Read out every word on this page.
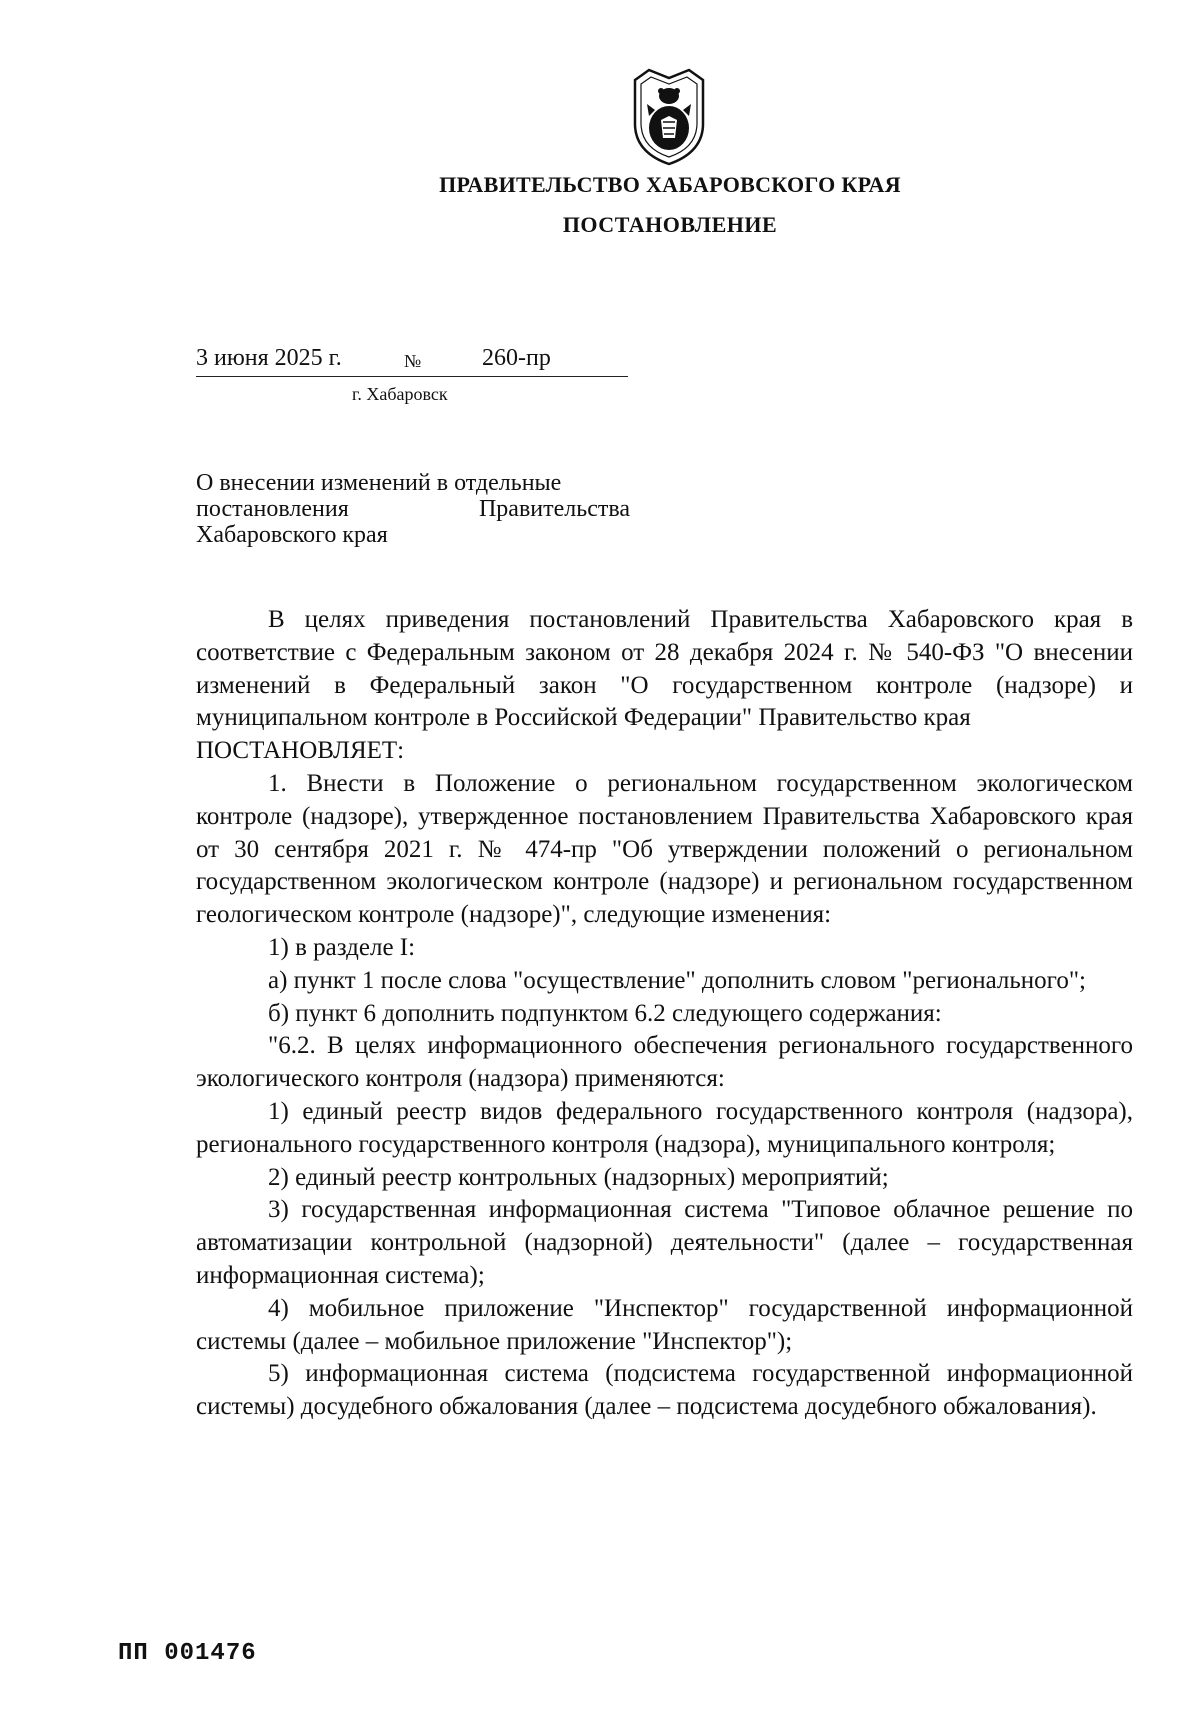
ПРАВИТЕЛЬСТВО ХАБАРОВСКОГО КРАЯ
ПОСТАНОВЛЕНИЕ
3 июня 2025 г.	№	260-пр
г. Хабаровск
О внесении изменений в отдельные
постановления	Правительства
Хабаровского края

В целях приведения постановлений Правительства Хабаровского края в соответствие с Федеральным законом от 28 декабря 2024 г. № 540-ФЗ "О внесении изменений в Федеральный закон "О государственном контроле (надзоре) и муниципальном контроле в Российской Федерации" Правительство края

ПОСТАНОВЛЯЕТ:

1. Внести в Положение о региональном государственном экологическом контроле (надзоре), утвержденное постановлением Правительства Хабаровского края от 30 сентября 2021 г. № 474-пр "Об утверждении положений о региональном государственном экологическом контроле (надзоре) и региональном государственном геологическом контроле (надзоре)", следующие изменения:

1) в разделе I:

а) пункт 1 после слова "осуществление" дополнить словом "регионального";

б) пункт 6 дополнить подпунктом 6.2 следующего содержания:

"6.2. В целях информационного обеспечения регионального государственного экологического контроля (надзора) применяются:

1) единый реестр видов федерального государственного контроля (надзора), регионального государственного контроля (надзора), муниципального контроля;

2) единый реестр контрольных (надзорных) мероприятий;

3) государственная информационная система "Типовое облачное решение по автоматизации контрольной (надзорной) деятельности" (далее – государственная информационная система);

4) мобильное приложение "Инспектор" государственной информационной системы (далее – мобильное приложение "Инспектор");

5) информационная система (подсистема государственной информационной системы) досудебного обжалования (далее – подсистема досудебного обжалования).

ПП 001476
